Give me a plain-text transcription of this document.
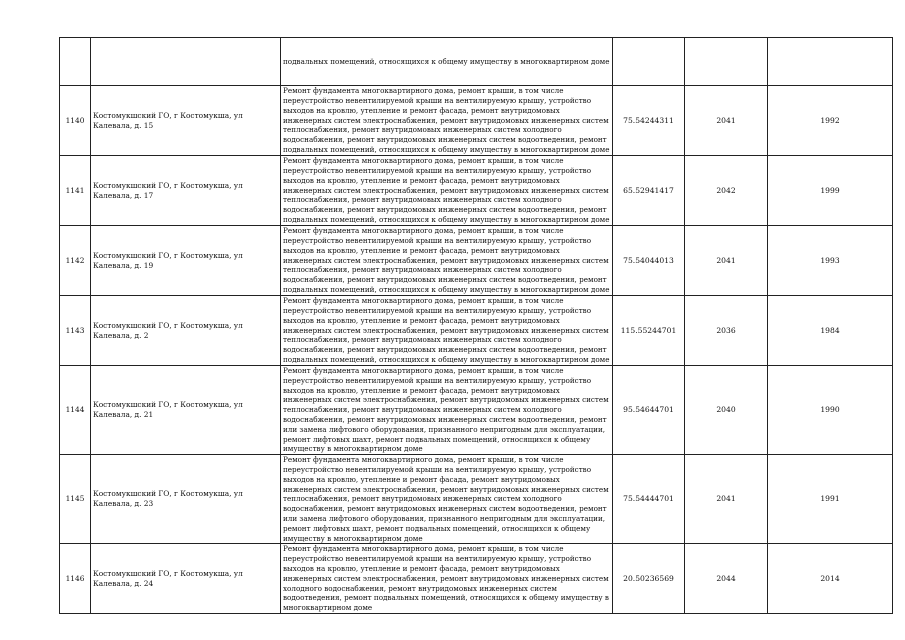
		подвальных помещений, относящихся к общему имуществу в многоквартирном доме			
1140	Костомукшский ГО, г Костомукша, ул Калевала, д. 15	Ремонт фундамента многоквартирного дома, ремонт крыши, в том числе переустройство невентилируемой крыши на вентилируемую крышу, устройство выходов на кровлю, утепление и ремонт фасада, ремонт внутридомовых инженерных систем электроснабжения, ремонт внутридомовых инженерных систем теплоснабжения, ремонт внутридомовых инженерных систем холодного водоснабжения, ремонт внутридомовых инженерных систем водоотведения, ремонт подвальных помещений, относящихся к общему имуществу в многоквартирном доме	75.54244311	2041	1992
1141	Костомукшский ГО, г Костомукша, ул Калевала, д. 17	Ремонт фундамента многоквартирного дома, ремонт крыши, в том числе переустройство невентилируемой крыши на вентилируемую крышу, устройство выходов на кровлю, утепление и ремонт фасада, ремонт внутридомовых инженерных систем электроснабжения, ремонт внутридомовых инженерных систем теплоснабжения, ремонт внутридомовых инженерных систем холодного водоснабжения, ремонт внутридомовых инженерных систем водоотведения, ремонт подвальных помещений, относящихся к общему имуществу в многоквартирном доме	65.52941417	2042	1999
1142	Костомукшский ГО, г Костомукша, ул Калевала, д. 19	Ремонт фундамента многоквартирного дома, ремонт крыши, в том числе переустройство невентилируемой крыши на вентилируемую крышу, устройство выходов на кровлю, утепление и ремонт фасада, ремонт внутридомовых инженерных систем электроснабжения, ремонт внутридомовых инженерных систем теплоснабжения, ремонт внутридомовых инженерных систем холодного водоснабжения, ремонт внутридомовых инженерных систем водоотведения, ремонт подвальных помещений, относящихся к общему имуществу в многоквартирном доме	75.54044013	2041	1993
1143	Костомукшский ГО, г Костомукша, ул Калевала, д. 2	Ремонт фундамента многоквартирного дома, ремонт крыши, в том числе переустройство невентилируемой крыши на вентилируемую крышу, устройство выходов на кровлю, утепление и ремонт фасада, ремонт внутридомовых инженерных систем электроснабжения, ремонт внутридомовых инженерных систем теплоснабжения, ремонт внутридомовых инженерных систем холодного водоснабжения, ремонт внутридомовых инженерных систем водоотведения, ремонт подвальных помещений, относящихся к общему имуществу в многоквартирном доме	115.55244701	2036	1984
1144	Костомукшский ГО, г Костомукша, ул Калевала, д. 21	Ремонт фундамента многоквартирного дома, ремонт крыши, в том числе переустройство невентилируемой крыши на вентилируемую крышу, устройство выходов на кровлю, утепление и ремонт фасада, ремонт внутридомовых инженерных систем электроснабжения, ремонт внутридомовых инженерных систем теплоснабжения, ремонт внутридомовых инженерных систем холодного водоснабжения, ремонт внутридомовых инженерных систем водоотведения, ремонт или замена лифтового оборудования, признанного непригодным для эксплуатации, ремонт лифтовых шахт, ремонт подвальных помещений, относящихся к общему имуществу в многоквартирном доме	95.54644701	2040	1990
1145	Костомукшский ГО, г Костомукша, ул Калевала, д. 23	Ремонт фундамента многоквартирного дома, ремонт крыши, в том числе переустройство невентилируемой крыши на вентилируемую крышу, устройство выходов на кровлю, утепление и ремонт фасада, ремонт внутридомовых инженерных систем электроснабжения, ремонт внутридомовых инженерных систем теплоснабжения, ремонт внутридомовых инженерных систем холодного водоснабжения, ремонт внутридомовых инженерных систем водоотведения, ремонт или замена лифтового оборудования, признанного непригодным для эксплуатации, ремонт лифтовых шахт, ремонт подвальных помещений, относящихся к общему имуществу в многоквартирном доме	75.54444701	2041	1991
1146	Костомукшский ГО, г Костомукша, ул Калевала, д. 24	Ремонт фундамента многоквартирного дома, ремонт крыши, в том числе переустройство невентилируемой крыши на вентилируемую крышу, устройство выходов на кровлю, утепление и ремонт фасада, ремонт внутридомовых инженерных систем электроснабжения, ремонт внутридомовых инженерных систем холодного водоснабжения, ремонт внутридомовых инженерных систем водоотведения, ремонт подвальных помещений, относящихся к общему имуществу в многоквартирном доме	20.50236569	2044	2014
